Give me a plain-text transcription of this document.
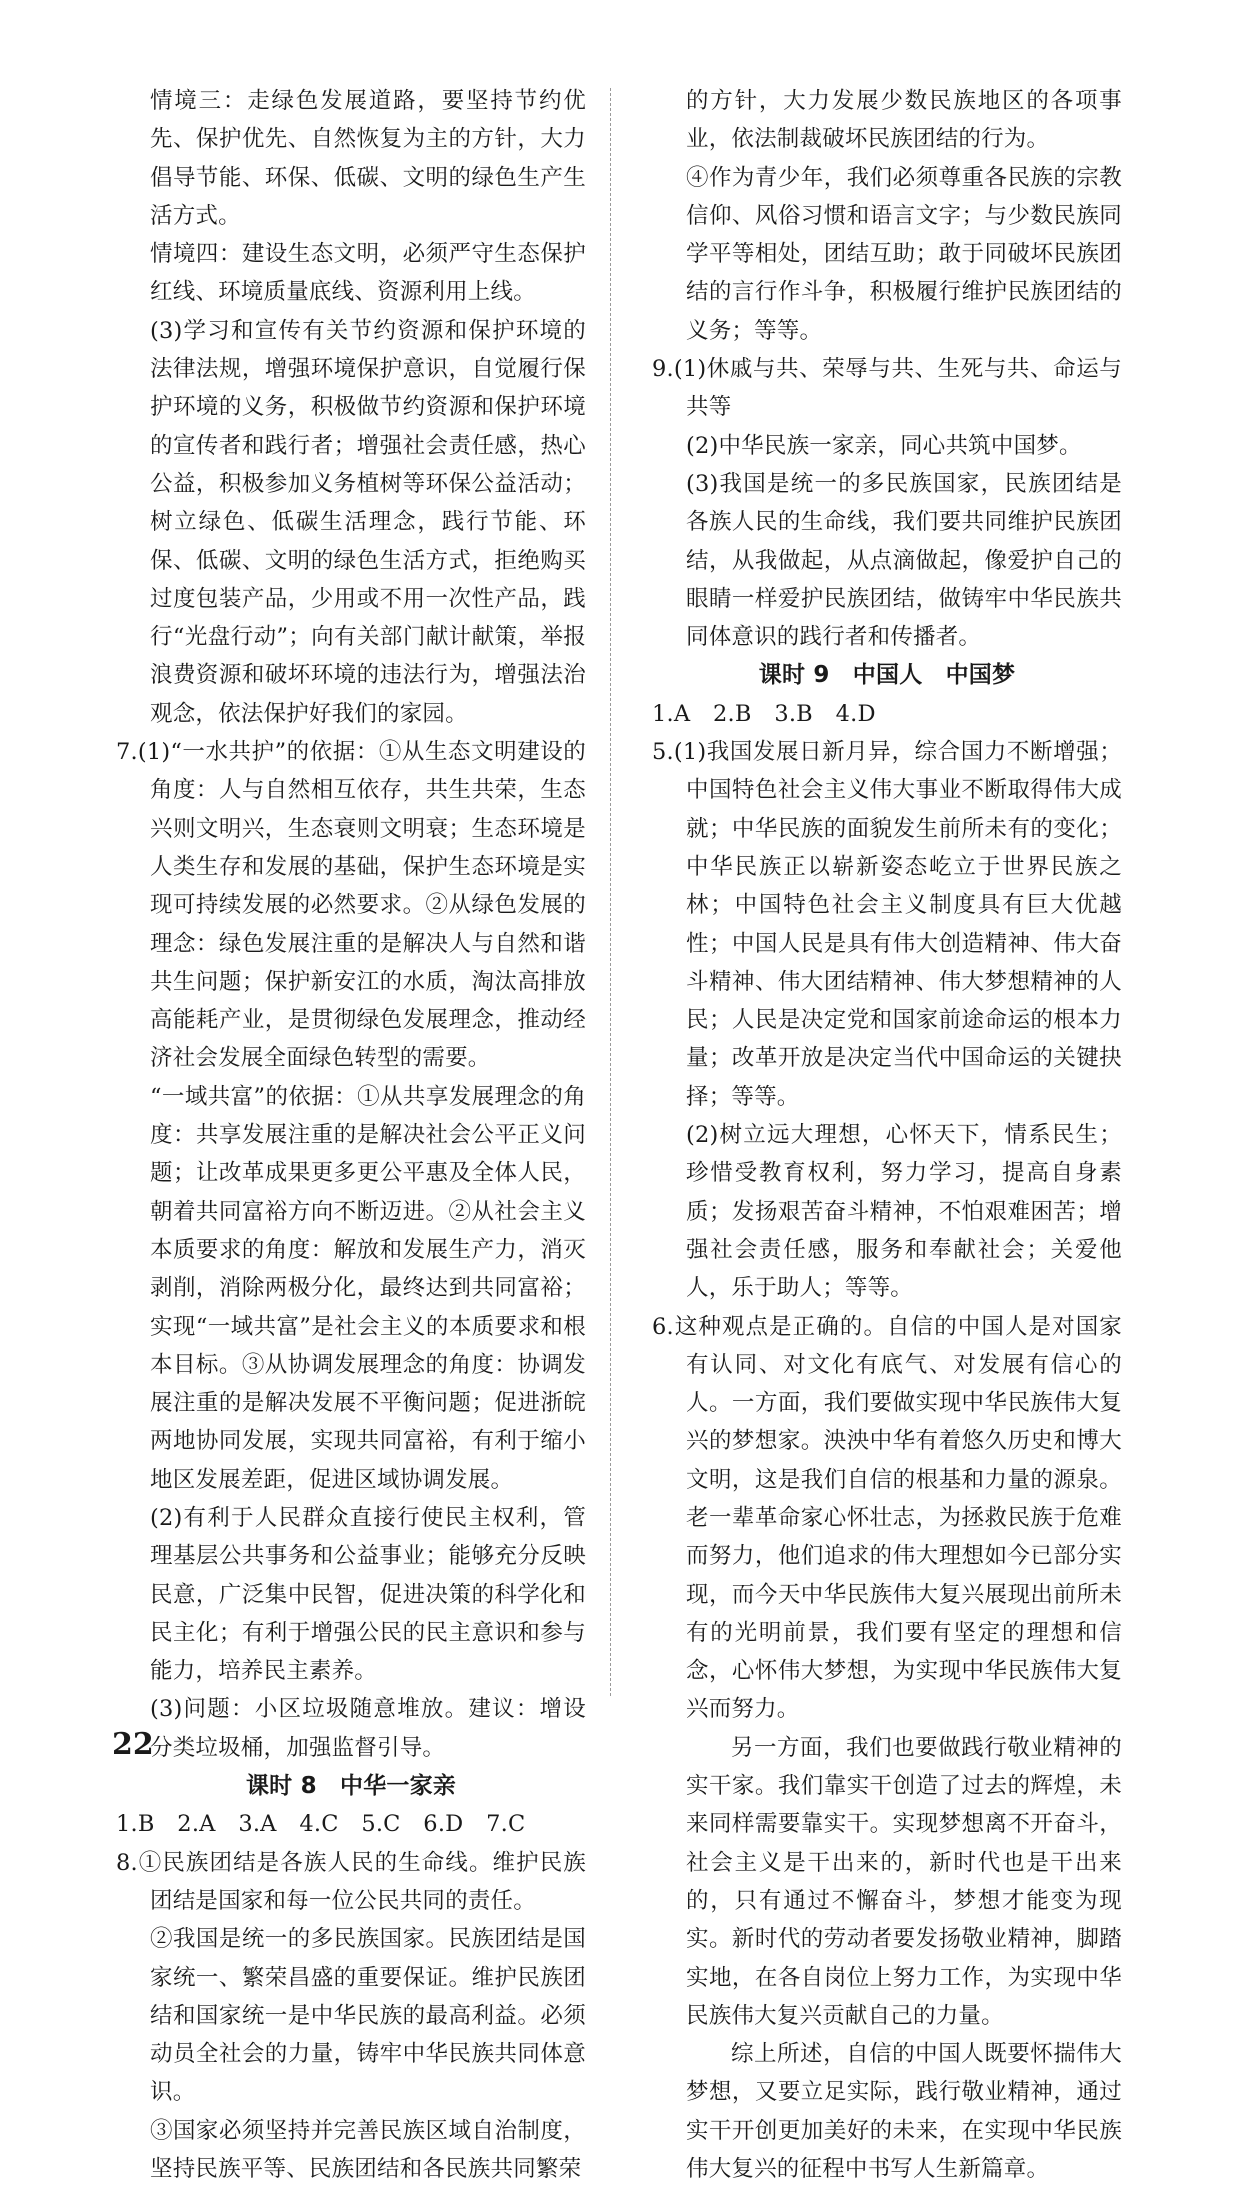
情境三：走绿色发展道路，要坚持节约优先、保护优先、自然恢复为主的方针，大力倡导节能、环保、低碳、文明的绿色生产生活方式。

情境四：建设生态文明，必须严守生态保护红线、环境质量底线、资源利用上线。

(3)学习和宣传有关节约资源和保护环境的法律法规，增强环境保护意识，自觉履行保护环境的义务，积极做节约资源和保护环境的宣传者和践行者；增强社会责任感，热心公益，积极参加义务植树等环保公益活动；树立绿色、低碳生活理念，践行节能、环保、低碳、文明的绿色生活方式，拒绝购买过度包装产品，少用或不用一次性产品，践行“光盘行动”；向有关部门献计献策，举报浪费资源和破坏环境的违法行为，增强法治观念，依法保护好我们的家园。

7.(1)“一水共护”的依据：①从生态文明建设的角度：人与自然相互依存，共生共荣，生态兴则文明兴，生态衰则文明衰；生态环境是人类生存和发展的基础，保护生态环境是实现可持续发展的必然要求。②从绿色发展的理念：绿色发展注重的是解决人与自然和谐共生问题；保护新安江的水质，淘汰高排放高能耗产业，是贯彻绿色发展理念，推动经济社会发展全面绿色转型的需要。

“一域共富”的依据：①从共享发展理念的角度：共享发展注重的是解决社会公平正义问题；让改革成果更多更公平惠及全体人民，朝着共同富裕方向不断迈进。②从社会主义本质要求的角度：解放和发展生产力，消灭剥削，消除两极分化，最终达到共同富裕；实现“一域共富”是社会主义的本质要求和根本目标。③从协调发展理念的角度：协调发展注重的是解决发展不平衡问题；促进浙皖两地协同发展，实现共同富裕，有利于缩小地区发展差距，促进区域协调发展。

(2)有利于人民群众直接行使民主权利，管理基层公共事务和公益事业；能够充分反映民意，广泛集中民智，促进决策的科学化和民主化；有利于增强公民的民主意识和参与能力，培养民主素养。

(3)问题：小区垃圾随意堆放。建议：增设分类垃圾桶，加强监督引导。

课时 8　中华一家亲

1.B　2.A　3.A　4.C　5.C　6.D　7.C

8.①民族团结是各族人民的生命线。维护民族团结是国家和每一位公民共同的责任。

②我国是统一的多民族国家。民族团结是国家统一、繁荣昌盛的重要保证。维护民族团结和国家统一是中华民族的最高利益。必须动员全社会的力量，铸牢中华民族共同体意识。

③国家必须坚持并完善民族区域自治制度，坚持民族平等、民族团结和各民族共同繁荣

的方针，大力发展少数民族地区的各项事业，依法制裁破坏民族团结的行为。

④作为青少年，我们必须尊重各民族的宗教信仰、风俗习惯和语言文字；与少数民族同学平等相处，团结互助；敢于同破坏民族团结的言行作斗争，积极履行维护民族团结的义务；等等。

9.(1)休戚与共、荣辱与共、生死与共、命运与共等

(2)中华民族一家亲，同心共筑中国梦。

(3)我国是统一的多民族国家，民族团结是各族人民的生命线，我们要共同维护民族团结，从我做起，从点滴做起，像爱护自己的眼睛一样爱护民族团结，做铸牢中华民族共同体意识的践行者和传播者。

课时 9　中国人　中国梦

1.A　2.B　3.B　4.D

5.(1)我国发展日新月异，综合国力不断增强；中国特色社会主义伟大事业不断取得伟大成就；中华民族的面貌发生前所未有的变化；中华民族正以崭新姿态屹立于世界民族之林；中国特色社会主义制度具有巨大优越性；中国人民是具有伟大创造精神、伟大奋斗精神、伟大团结精神、伟大梦想精神的人民；人民是决定党和国家前途命运的根本力量；改革开放是决定当代中国命运的关键抉择；等等。

(2)树立远大理想，心怀天下，情系民生；珍惜受教育权利，努力学习，提高自身素质；发扬艰苦奋斗精神，不怕艰难困苦；增强社会责任感，服务和奉献社会；关爱他人，乐于助人；等等。

6.这种观点是正确的。自信的中国人是对国家有认同、对文化有底气、对发展有信心的人。一方面，我们要做实现中华民族伟大复兴的梦想家。泱泱中华有着悠久历史和博大文明，这是我们自信的根基和力量的源泉。老一辈革命家心怀壮志，为拯救民族于危难而努力，他们追求的伟大理想如今已部分实现，而今天中华民族伟大复兴展现出前所未有的光明前景，我们要有坚定的理想和信念，心怀伟大梦想，为实现中华民族伟大复兴而努力。

另一方面，我们也要做践行敬业精神的实干家。我们靠实干创造了过去的辉煌，未来同样需要靠实干。实现梦想离不开奋斗，社会主义是干出来的，新时代也是干出来的，只有通过不懈奋斗，梦想才能变为现实。新时代的劳动者要发扬敬业精神，脚踏实地，在各自岗位上努力工作，为实现中华民族伟大复兴贡献自己的力量。

综上所述，自信的中国人既要怀揣伟大梦想，又要立足实际，践行敬业精神，通过实干开创更加美好的未来，在实现中华民族伟大复兴的征程中书写人生新篇章。

22
